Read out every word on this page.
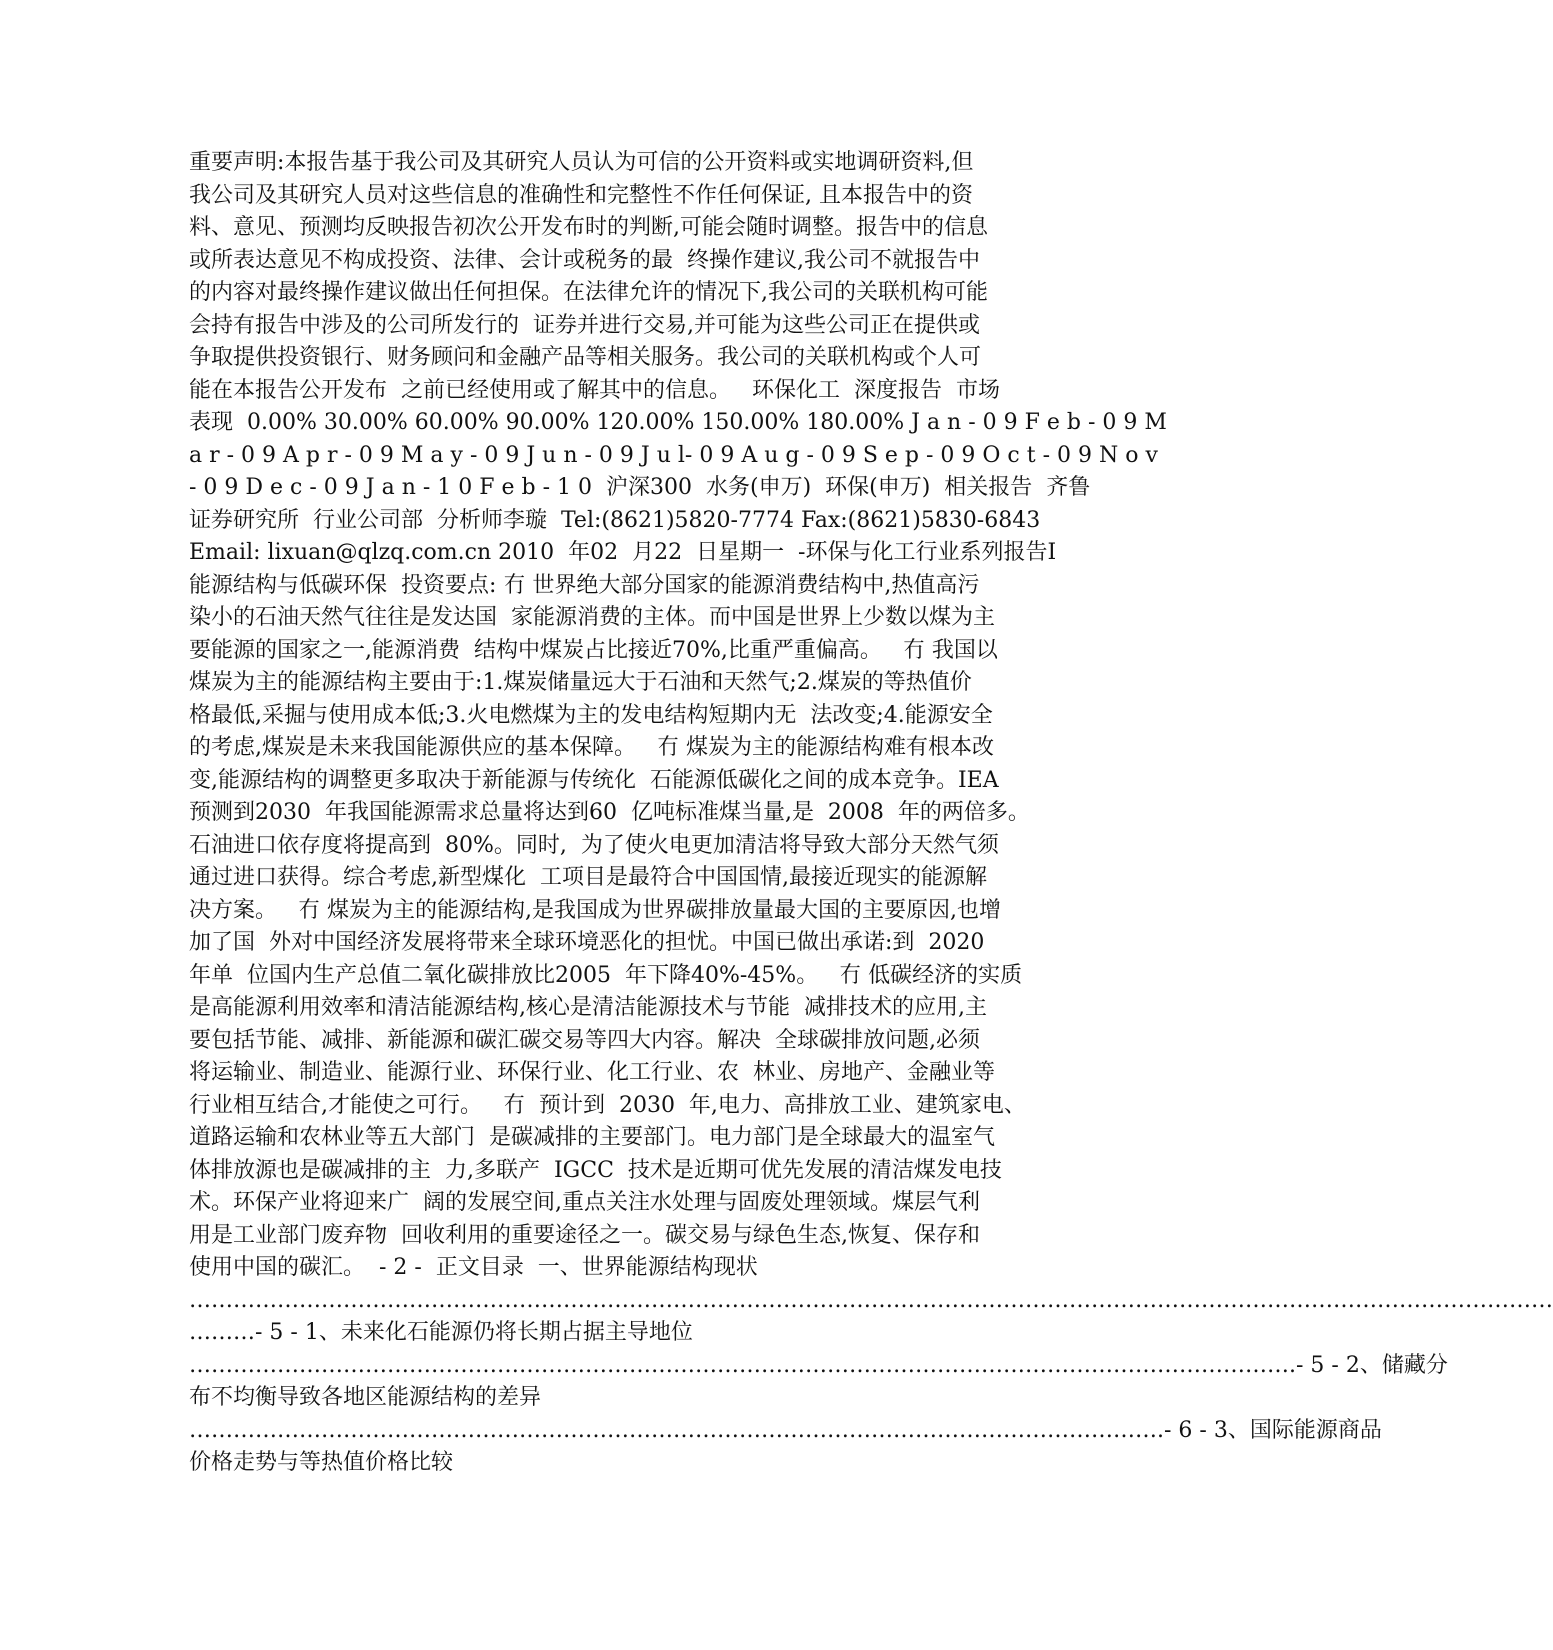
重要声明:本报告基于我公司及其研究人员认为可信的公开资料或实地调研资料,但
我公司及其研究人员对这些信息的准确性和完整性不作任何保证, 且本报告中的资
料、意见、预测均反映报告初次公开发布时的判断,可能会随时调整。报告中的信息
或所表达意见不构成投资、法律、会计或税务的最  终操作建议,我公司不就报告中
的内容对最终操作建议做出任何担保。在法律允许的情况下,我公司的关联机构可能
会持有报告中涉及的公司所发行的  证券并进行交易,并可能为这些公司正在提供或
争取提供投资银行、财务顾问和金融产品等相关服务。我公司的关联机构或个人可
能在本报告公开发布  之前已经使用或了解其中的信息。   环保化工  深度报告  市场
表现  0.00% 30.00% 60.00% 90.00% 120.00% 150.00% 180.00% J a n - 0 9 F e b - 0 9 M
a r - 0 9 A p r - 0 9 M a y - 0 9 J u n - 0 9 J u l- 0 9 A u g - 0 9 S e p - 0 9 O c t - 0 9 N o v
- 0 9 D e c - 0 9 J a n - 1 0 F e b - 1 0  沪深300  水务(申万)  环保(申万)  相关报告  齐鲁
证券研究所  行业公司部  分析师李璇  Tel:(8621)5820-7774 Fax:(8621)5830-6843
Email: lixuan@qlzq.com.cn 2010  年02  月22  日星期一  -环保与化工行业系列报告I
能源结构与低碳环保  投资要点: 冇 世界绝大部分国家的能源消费结构中,热值高污
染小的石油天然气往往是发达国  家能源消费的主体。而中国是世界上少数以煤为主
要能源的国家之一,能源消费  结构中煤炭占比接近70%,比重严重偏高。   冇 我国以
煤炭为主的能源结构主要由于:1.煤炭储量远大于石油和天然气;2.煤炭的等热值价
格最低,采掘与使用成本低;3.火电燃煤为主的发电结构短期内无  法改变;4.能源安全
的考虑,煤炭是未来我国能源供应的基本保障。   冇 煤炭为主的能源结构难有根本改
变,能源结构的调整更多取决于新能源与传统化  石能源低碳化之间的成本竞争。IEA
预测到2030  年我国能源需求总量将达到60  亿吨标准煤当量,是  2008  年的两倍多。
石油进口依存度将提高到  80%。同时,  为了使火电更加清洁将导致大部分天然气须
通过进口获得。综合考虑,新型煤化  工项目是最符合中国国情,最接近现实的能源解
决方案。   冇 煤炭为主的能源结构,是我国成为世界碳排放量最大国的主要原因,也增
加了国  外对中国经济发展将带来全球环境恶化的担忧。中国已做出承诺:到  2020
年单  位国内生产总值二氧化碳排放比2005  年下降40%-45%。   冇 低碳经济的实质
是高能源利用效率和清洁能源结构,核心是清洁能源技术与节能  减排技术的应用,主
要包括节能、减排、新能源和碳汇碳交易等四大内容。解决  全球碳排放问题,必须
将运输业、制造业、能源行业、环保行业、化工行业、农  林业、房地产、金融业等
行业相互结合,才能使之可行。   冇  预计到  2030  年,电力、高排放工业、建筑家电、
道路运输和农林业等五大部门  是碳减排的主要部门。电力部门是全球最大的温室气
体排放源也是碳减排的主  力,多联产  IGCC  技术是近期可优先发展的清洁煤发电技
术。环保产业将迎来广  阔的发展空间,重点关注水处理与固废处理领域。煤层气利
用是工业部门废弃物  回收利用的重要途径之一。碳交易与绿色生态,恢复、保存和
使用中国的碳汇。  - 2 -  正文目录  一、世界能源结构现状
……………………………………………………………………………………………………………………………………………………………………
………- 5 - 1、未来化石能源仍将长期占据主导地位
…………………………………………………………………………………………………………………………………….- 5 - 2、储藏分
布不均衡导致各地区能源结构的差异
…………………………………………………………………………………………………………………….- 6 - 3、国际能源商品
价格走势与等热值价格比较
